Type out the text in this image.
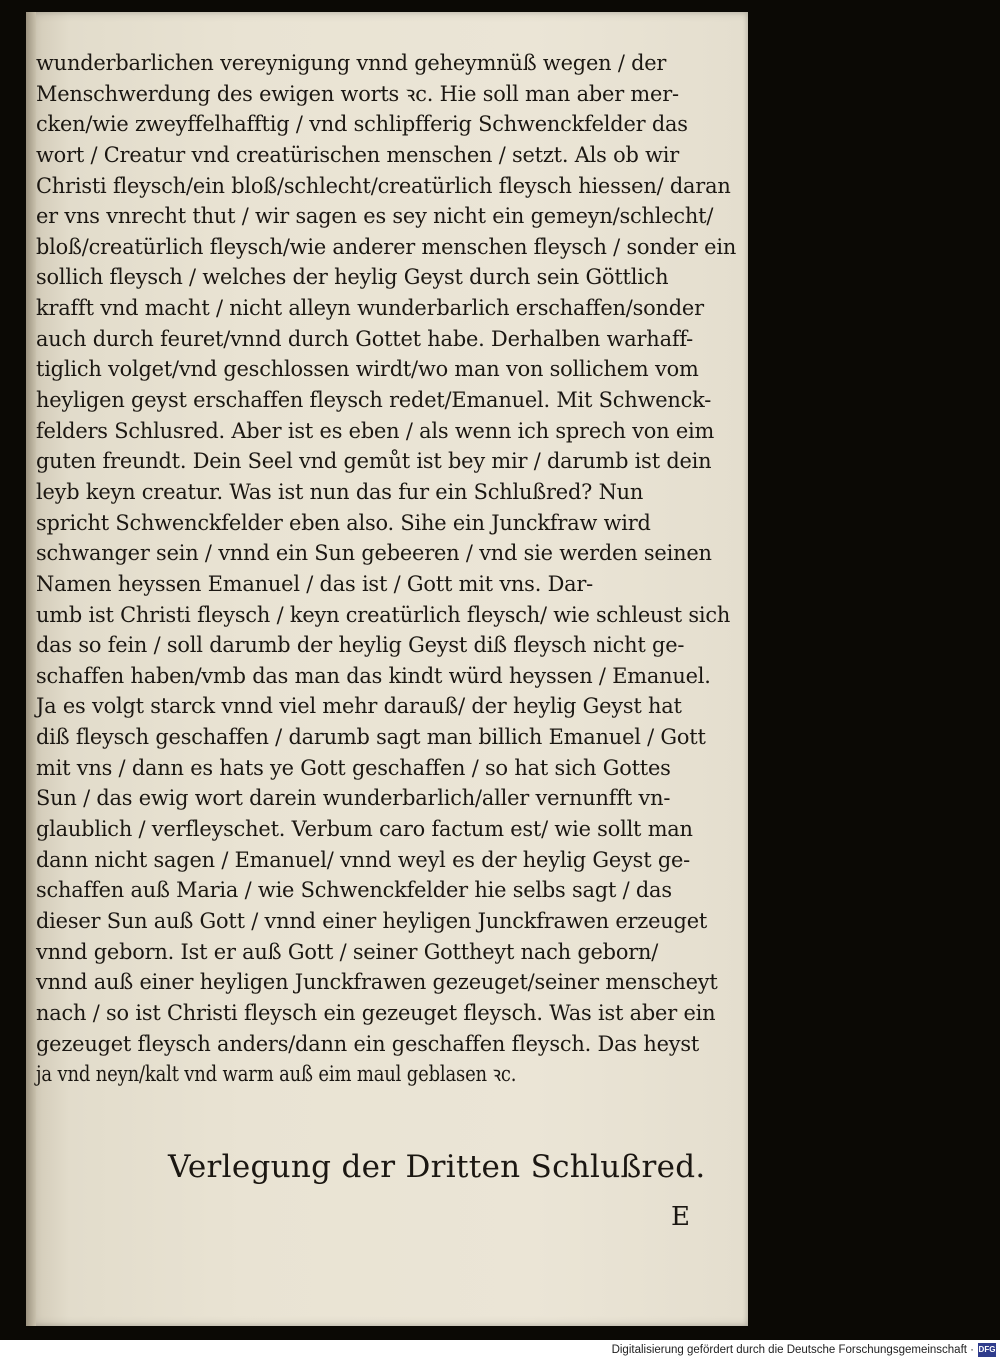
wunderbarlichen vereynigung vnnd geheymnüß wegen / der
Menschwerdung des ewigen worts ꝛc. Hie soll man aber mer-
cken/wie zweyffelhafftig / vnd schlipfferig Schwenckfelder das
wort / Creatur vnd creatürischen menschen / setzt. Als ob wir
Christi fleysch/ein bloß/schlecht/creatürlich fleysch hiessen/ daran
er vns vnrecht thut / wir sagen es sey nicht ein gemeyn/schlecht/
bloß/creatürlich fleysch/wie anderer menschen fleysch / sonder ein
sollich fleysch / welches der heylig Geyst durch sein Göttlich
krafft vnd macht / nicht alleyn wunderbarlich erschaffen/sonder
auch durch feuret/vnnd durch Gottet habe. Derhalben warhaff-
tiglich volget/vnd geschlossen wirdt/wo man von sollichem vom
heyligen geyst erschaffen fleysch redet/Emanuel. Mit Schwenck-
felders Schlusred. Aber ist es eben / als wenn ich sprech von eim
guten freundt. Dein Seel vnd gemůt ist bey mir / darumb ist dein
leyb keyn creatur. Was ist nun das fur ein Schlußred? Nun
spricht Schwenckfelder eben also. Sihe ein Junckfraw wird
schwanger sein / vnnd ein Sun gebeeren / vnd sie werden seinen
Namen heyssen Emanuel / das ist / Gott mit vns. Dar-
umb ist Christi fleysch / keyn creatürlich fleysch/ wie schleust sich
das so fein / soll darumb der heylig Geyst diß fleysch nicht ge-
schaffen haben/vmb das man das kindt würd heyssen / Emanuel.
Ja es volgt starck vnnd viel mehr darauß/ der heylig Geyst hat
diß fleysch geschaffen / darumb sagt man billich Emanuel / Gott
mit vns / dann es hats ye Gott geschaffen / so hat sich Gottes
Sun / das ewig wort darein wunderbarlich/aller vernunfft vn-
glaublich / verfleyschet. Verbum caro factum est/ wie sollt man
dann nicht sagen / Emanuel/ vnnd weyl es der heylig Geyst ge-
schaffen auß Maria / wie Schwenckfelder hie selbs sagt / das
dieser Sun auß Gott / vnnd einer heyligen Junckfrawen erzeuget
vnnd geborn. Ist er auß Gott / seiner Gottheyt nach geborn/
vnnd auß einer heyligen Junckfrawen gezeuget/seiner menscheyt
nach / so ist Christi fleysch ein gezeuget fleysch. Was ist aber ein
gezeuget fleysch anders/dann ein geschaffen fleysch. Das heyst
ja vnd neyn/kalt vnd warm auß eim maul geblasen ꝛc.
Verlegung der Dritten Schlußred.
E
Digitalisierung gefördert durch die Deutsche Forschungsgemeinschaft · DFG
